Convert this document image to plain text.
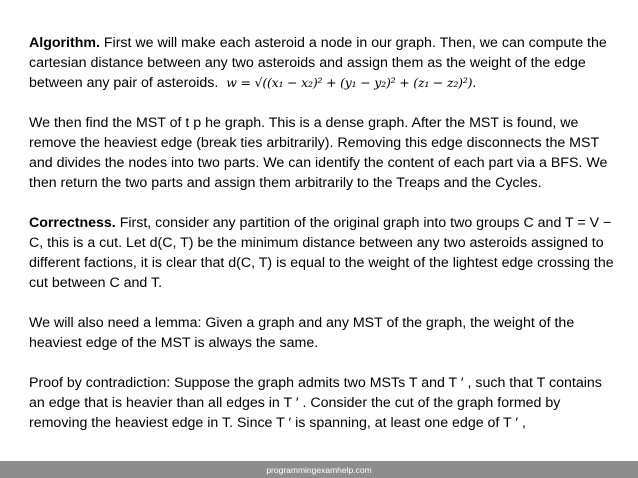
Algorithm. First we will make each asteroid a node in our graph. Then, we can compute the cartesian distance between any two asteroids and assign them as the weight of the edge between any pair of asteroids. w = √((x₁ − x₂)² + (y₁ − y₂)² + (z₁ − z₂)²).

We then find the MST of t p he graph. This is a dense graph. After the MST is found, we remove the heaviest edge (break ties arbitrarily). Removing this edge disconnects the MST and divides the nodes into two parts. We can identify the content of each part via a BFS. We then return the two parts and assign them arbitrarily to the Treaps and the Cycles.

Correctness. First, consider any partition of the original graph into two groups C and T = V − C, this is a cut. Let d(C, T) be the minimum distance between any two asteroids assigned to different factions, it is clear that d(C, T) is equal to the weight of the lightest edge crossing the cut between C and T.

We will also need a lemma: Given a graph and any MST of the graph, the weight of the heaviest edge of the MST is always the same.

Proof by contradiction: Suppose the graph admits two MSTs T and T ′ , such that T contains an edge that is heavier than all edges in T ′ . Consider the cut of the graph formed by removing the heaviest edge in T. Since T ′ is spanning, at least one edge of T ′ ,

programmingexamhelp.com
